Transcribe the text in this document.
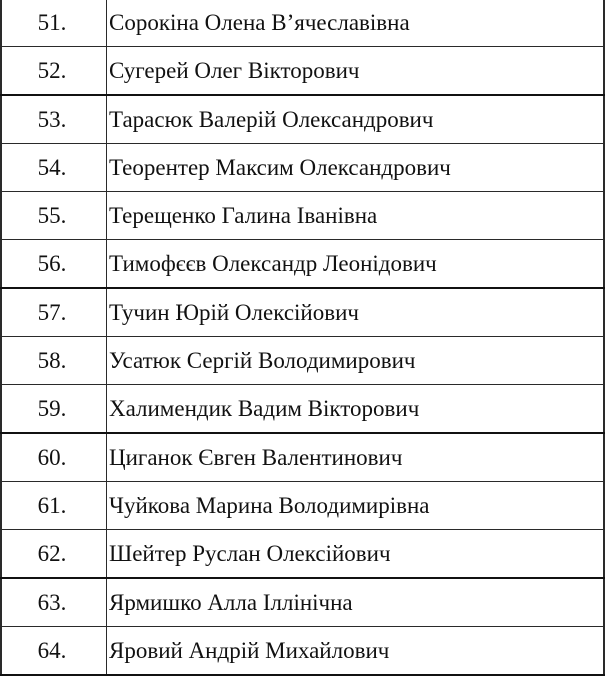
51.	Сорокіна Олена В’ячеславівна
52.	Сугерей Олег Вікторович
53.	Тарасюк Валерій Олександрович
54.	Теорентер Максим Олександрович
55.	Терещенко Галина Іванівна
56.	Тимофєєв Олександр Леонідович
57.	Тучин Юрій Олексійович
58.	Усатюк Сергій Володимирович
59.	Халимендик Вадим Вікторович
60.	Циганок Євген Валентинович
61.	Чуйкова Марина Володимирівна
62.	Шейтер Руслан Олексійович
63.	Ярмишко Алла Іллінічна
64.	Яровий Андрій Михайлович
